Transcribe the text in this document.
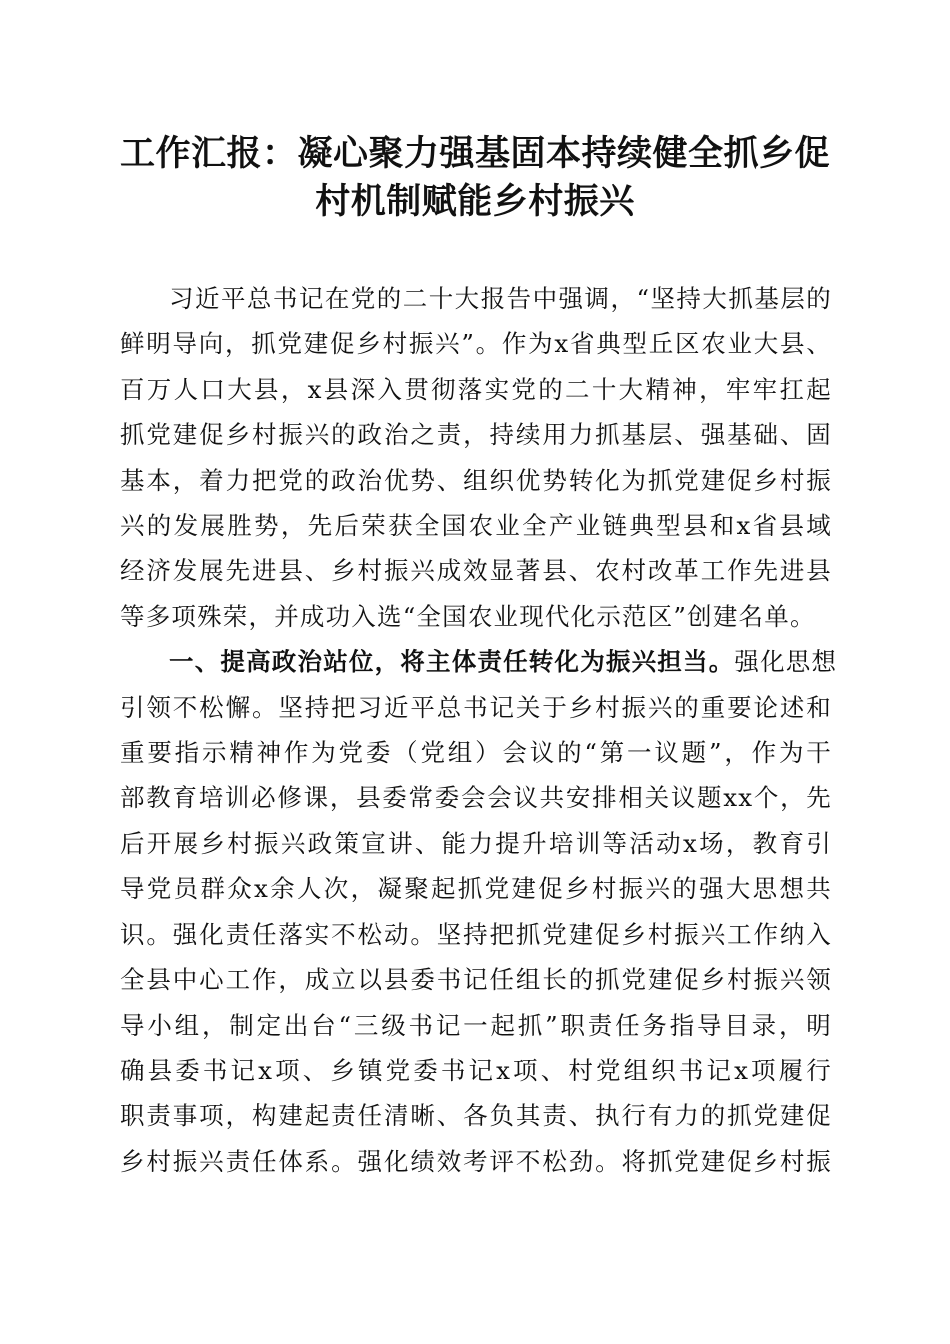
工作汇报：凝心聚力强基固本持续健全抓乡促
村机制赋能乡村振兴

习近平总书记在党的二十大报告中强调，“坚持大抓基层的
鲜明导向，抓党建促乡村振兴”。作为x省典型丘区农业大县、
百万人口大县，x县深入贯彻落实党的二十大精神，牢牢扛起
抓党建促乡村振兴的政治之责，持续用力抓基层、强基础、固
基本，着力把党的政治优势、组织优势转化为抓党建促乡村振
兴的发展胜势，先后荣获全国农业全产业链典型县和x省县域
经济发展先进县、乡村振兴成效显著县、农村改革工作先进县
等多项殊荣，并成功入选“全国农业现代化示范区”创建名单。

一、提高政治站位，将主体责任转化为振兴担当。强化思想
引领不松懈。坚持把习近平总书记关于乡村振兴的重要论述和
重要指示精神作为党委（党组）会议的“第一议题”，作为干
部教育培训必修课，县委常委会会议共安排相关议题xx个，先
后开展乡村振兴政策宣讲、能力提升培训等活动x场，教育引
导党员群众x余人次，凝聚起抓党建促乡村振兴的强大思想共
识。强化责任落实不松动。坚持把抓党建促乡村振兴工作纳入
全县中心工作，成立以县委书记任组长的抓党建促乡村振兴领
导小组，制定出台“三级书记一起抓”职责任务指导目录，明
确县委书记x项、乡镇党委书记x项、村党组织书记x项履行
职责事项，构建起责任清晰、各负其责、执行有力的抓党建促
乡村振兴责任体系。强化绩效考评不松劲。将抓党建促乡村振
